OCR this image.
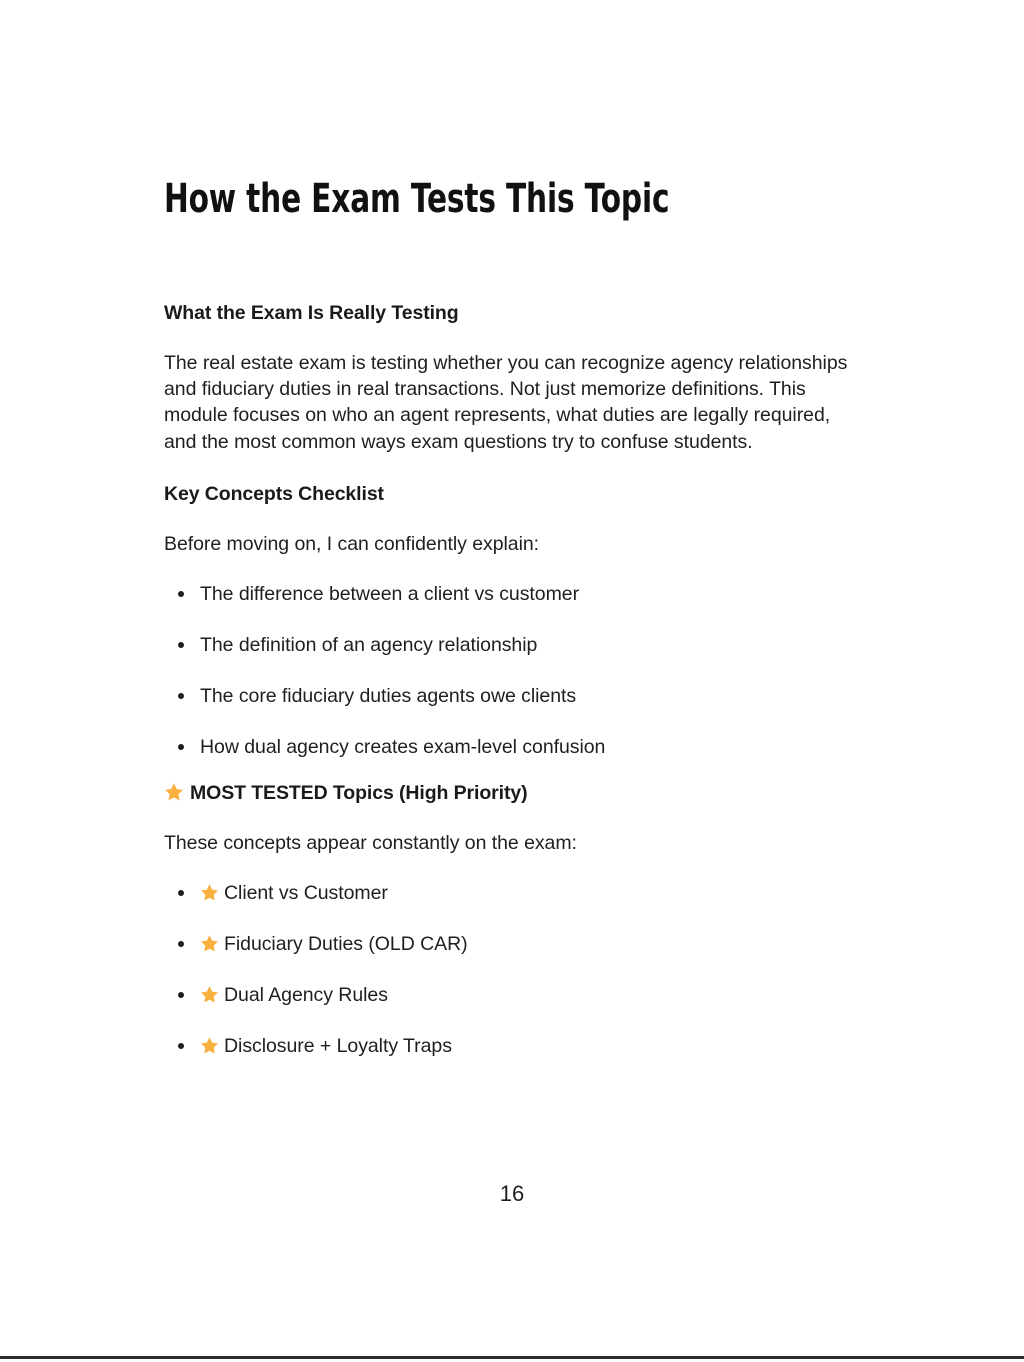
How the Exam Tests This Topic
What the Exam Is Really Testing

The real estate exam is testing whether you can recognize agency relationships and fiduciary duties in real transactions. Not just memorize definitions. This module focuses on who an agent represents, what duties are legally required, and the most common ways exam questions try to confuse students.

Key Concepts Checklist

Before moving on, I can confidently explain:

The difference between a client vs customer
The definition of an agency relationship
The core fiduciary duties agents owe clients
How dual agency creates exam-level confusion
MOST TESTED Topics (High Priority)

These concepts appear constantly on the exam:

Client vs Customer
Fiduciary Duties (OLD CAR)
Dual Agency Rules
Disclosure + Loyalty Traps
16
